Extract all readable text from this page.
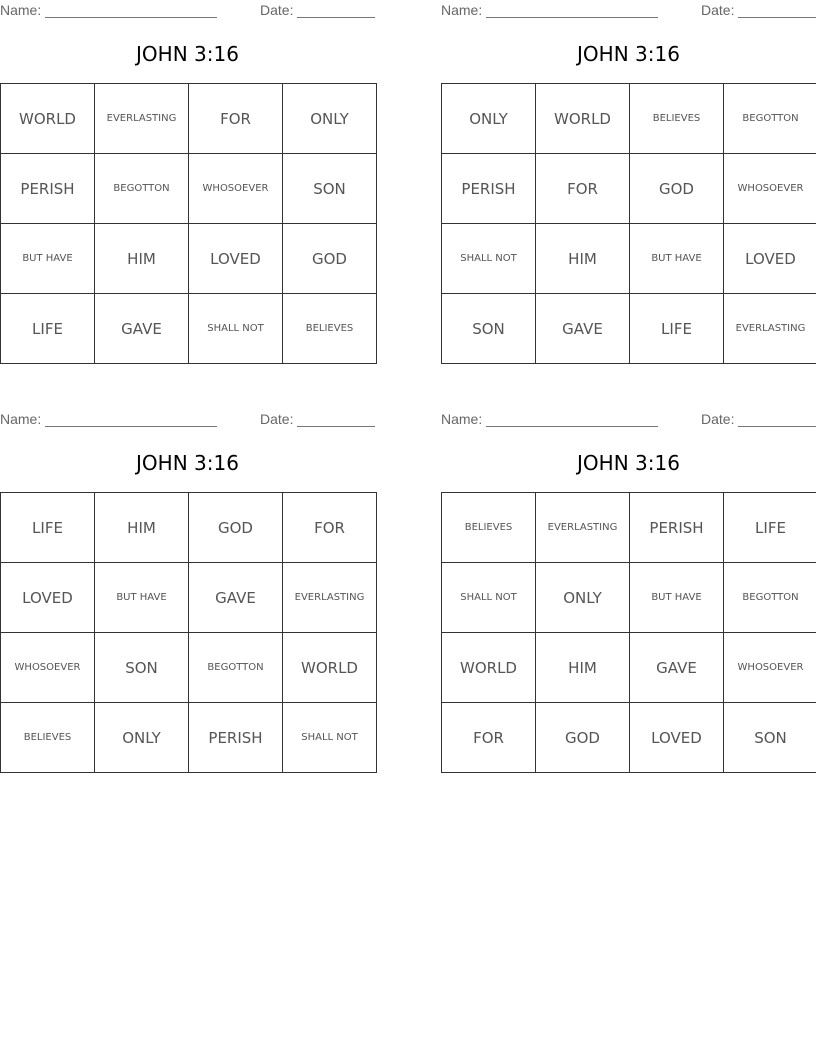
Name:	Date:
JOHN 3:16
WORLD	EVERLASTING	FOR	ONLY
PERISH	BEGOTTON	WHOSOEVER	SON
BUT HAVE	HIM	LOVED	GOD
LIFE	GAVE	SHALL NOT	BELIEVES
Name:	Date:
JOHN 3:16
ONLY	WORLD	BELIEVES	BEGOTTON
PERISH	FOR	GOD	WHOSOEVER
SHALL NOT	HIM	BUT HAVE	LOVED
SON	GAVE	LIFE	EVERLASTING
Name:	Date:
JOHN 3:16
LIFE	HIM	GOD	FOR
LOVED	BUT HAVE	GAVE	EVERLASTING
WHOSOEVER	SON	BEGOTTON	WORLD
BELIEVES	ONLY	PERISH	SHALL NOT
Name:	Date:
JOHN 3:16
BELIEVES	EVERLASTING	PERISH	LIFE
SHALL NOT	ONLY	BUT HAVE	BEGOTTON
WORLD	HIM	GAVE	WHOSOEVER
FOR	GOD	LOVED	SON
